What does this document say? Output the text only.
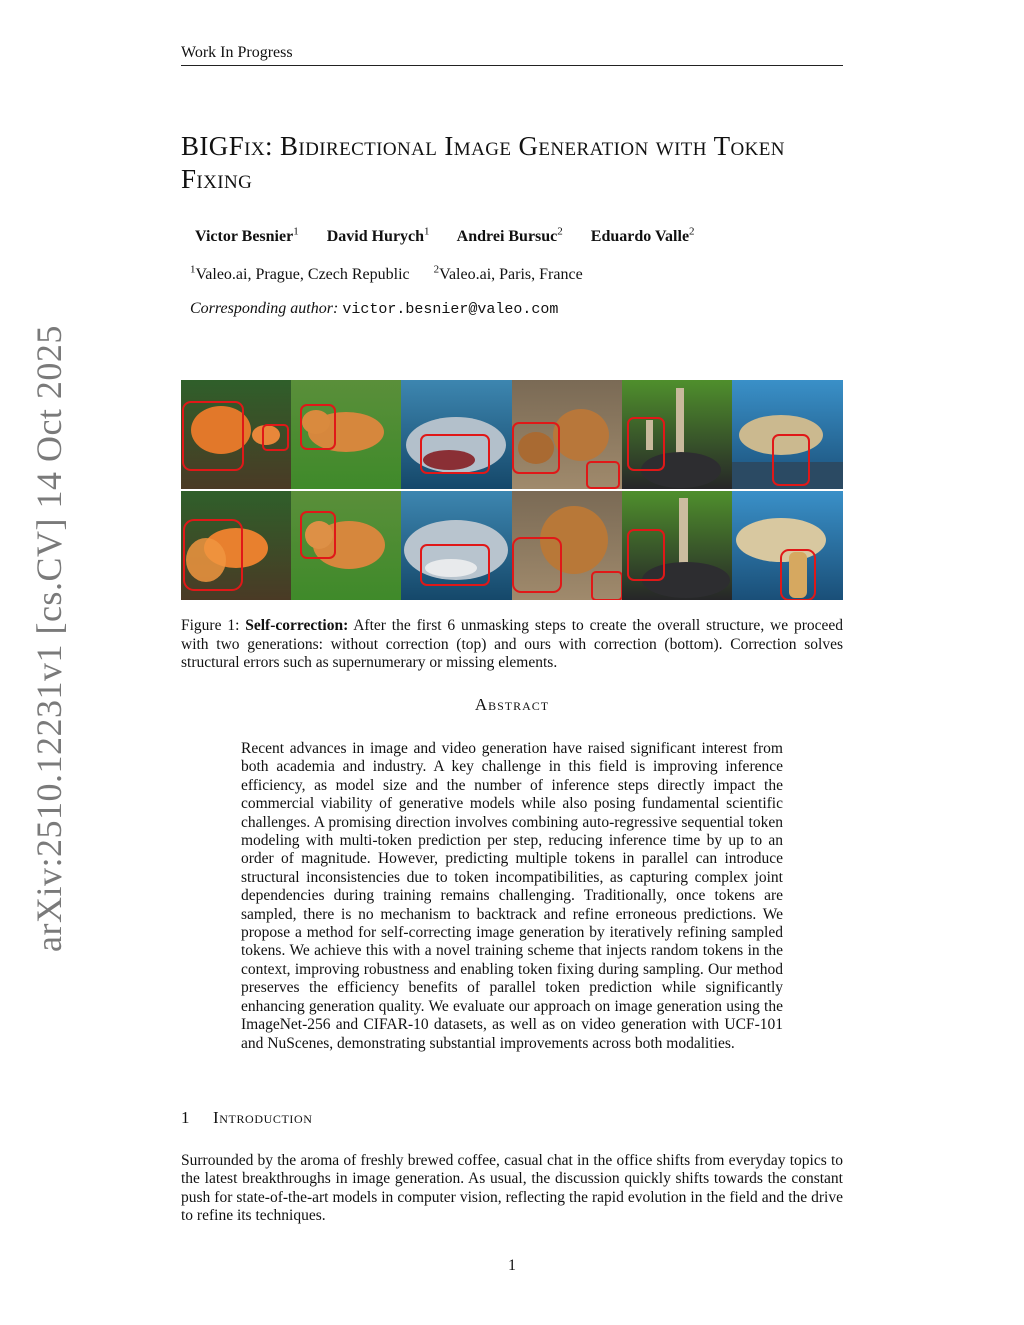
Work In Progress
BIGFix: Bidirectional Image Generation with Token Fixing
Victor Besnier$^1$ David Hurych$^1$ Andrei Bursuc$^2$ Eduardo Valle$^2$
$^1$Valeo.ai, Prague, Czech Republic $^2$Valeo.ai, Paris, France
Corresponding author: victor.besnier@valeo.com
arXiv:2510.12231v1 [cs.CV] 14 Oct 2025	Figure 1: Self-correction: After the first 6 unmasking steps to create the overall structure, we proceed with two generations: without correction (top) and ours with correction (bottom). Correction solves structural errors such as supernumerary or missing elements.
Abstract
Recent advances in image and video generation have raised significant interest from both academia and industry. A key challenge in this field is improving inference efficiency, as model size and the number of inference steps directly impact the commercial viability of generative models while also posing fundamental scientific challenges. A promising direction involves combining auto-regressive sequential token modeling with multi-token prediction per step, reducing inference time by up to an order of magnitude. However, predicting multiple tokens in parallel can introduce structural inconsistencies due to token incompatibilities, as capturing complex joint dependencies during training remains challenging. Traditionally, once tokens are sampled, there is no mechanism to backtrack and refine erroneous predictions. We propose a method for self-correcting image generation by iteratively refining sampled tokens. We achieve this with a novel training scheme that injects random tokens in the context, improving robustness and enabling token fixing during sampling. Our method preserves the efficiency benefits of parallel token prediction while significantly enhancing generation quality. We evaluate our approach on image generation using the ImageNet-256 and CIFAR-10 datasets, as well as on video generation with UCF-101 and NuScenes, demonstrating substantial improvements across both modalities.
1 Introduction
Surrounded by the aroma of freshly brewed coffee, casual chat in the office shifts from everyday topics to the latest breakthroughs in image generation. As usual, the discussion quickly shifts towards the constant push for state-of-the-art models in computer vision, reflecting the rapid evolution in the field and the drive to refine its techniques.
1
